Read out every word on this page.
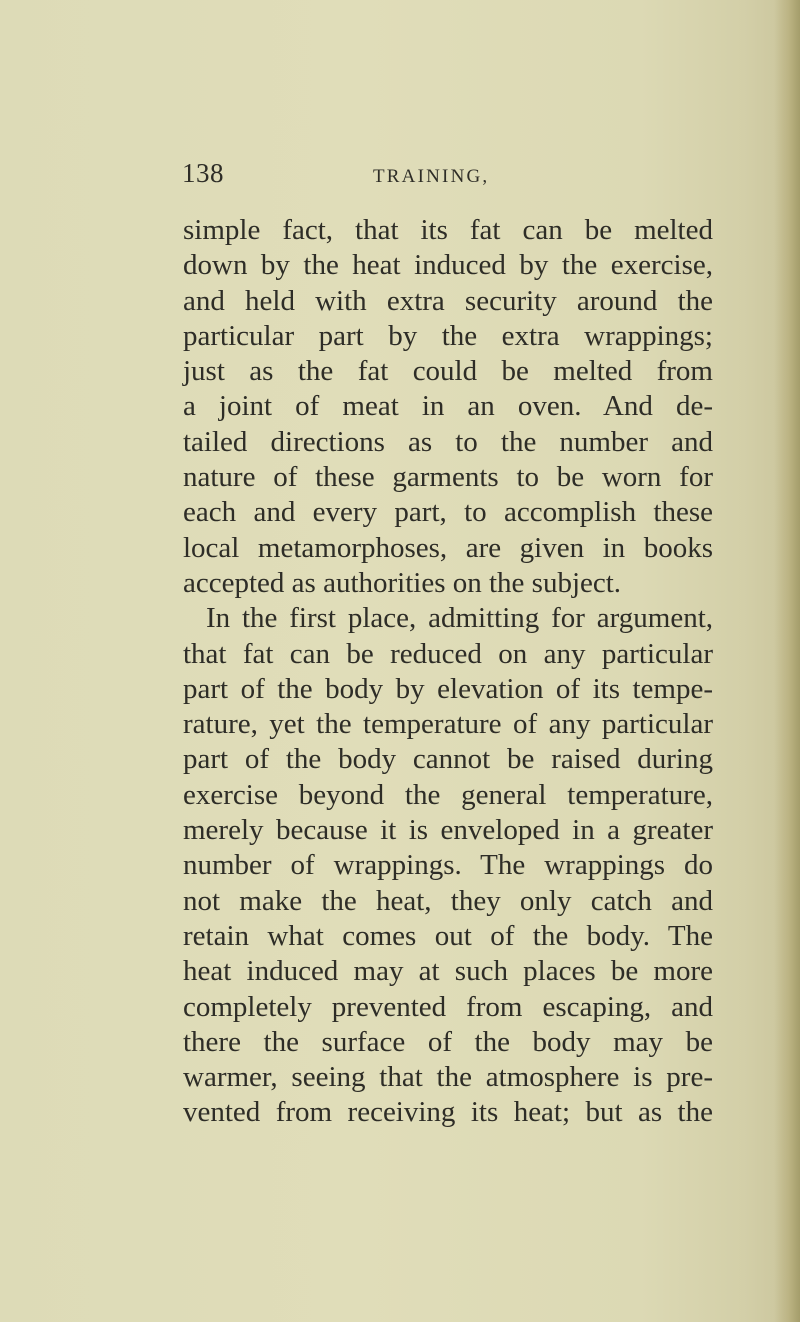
138	TRAINING,
simple fact, that its fat can be melted
down by the heat induced by the exercise,
and held with extra security around the
particular part by the extra wrappings;
just as the fat could be melted from
a joint of meat in an oven. And de-
tailed directions as to the number and
nature of these garments to be worn for
each and every part, to accomplish these
local metamorphoses, are given in books
accepted as authorities on the subject.
In the first place, admitting for argument,
that fat can be reduced on any particular
part of the body by elevation of its tempe-
rature, yet the temperature of any particular
part of the body cannot be raised during
exercise beyond the general temperature,
merely because it is enveloped in a greater
number of wrappings. The wrappings do
not make the heat, they only catch and
retain what comes out of the body. The
heat induced may at such places be more
completely prevented from escaping, and
there the surface of the body may be
warmer, seeing that the atmosphere is pre-
vented from receiving its heat; but as the
